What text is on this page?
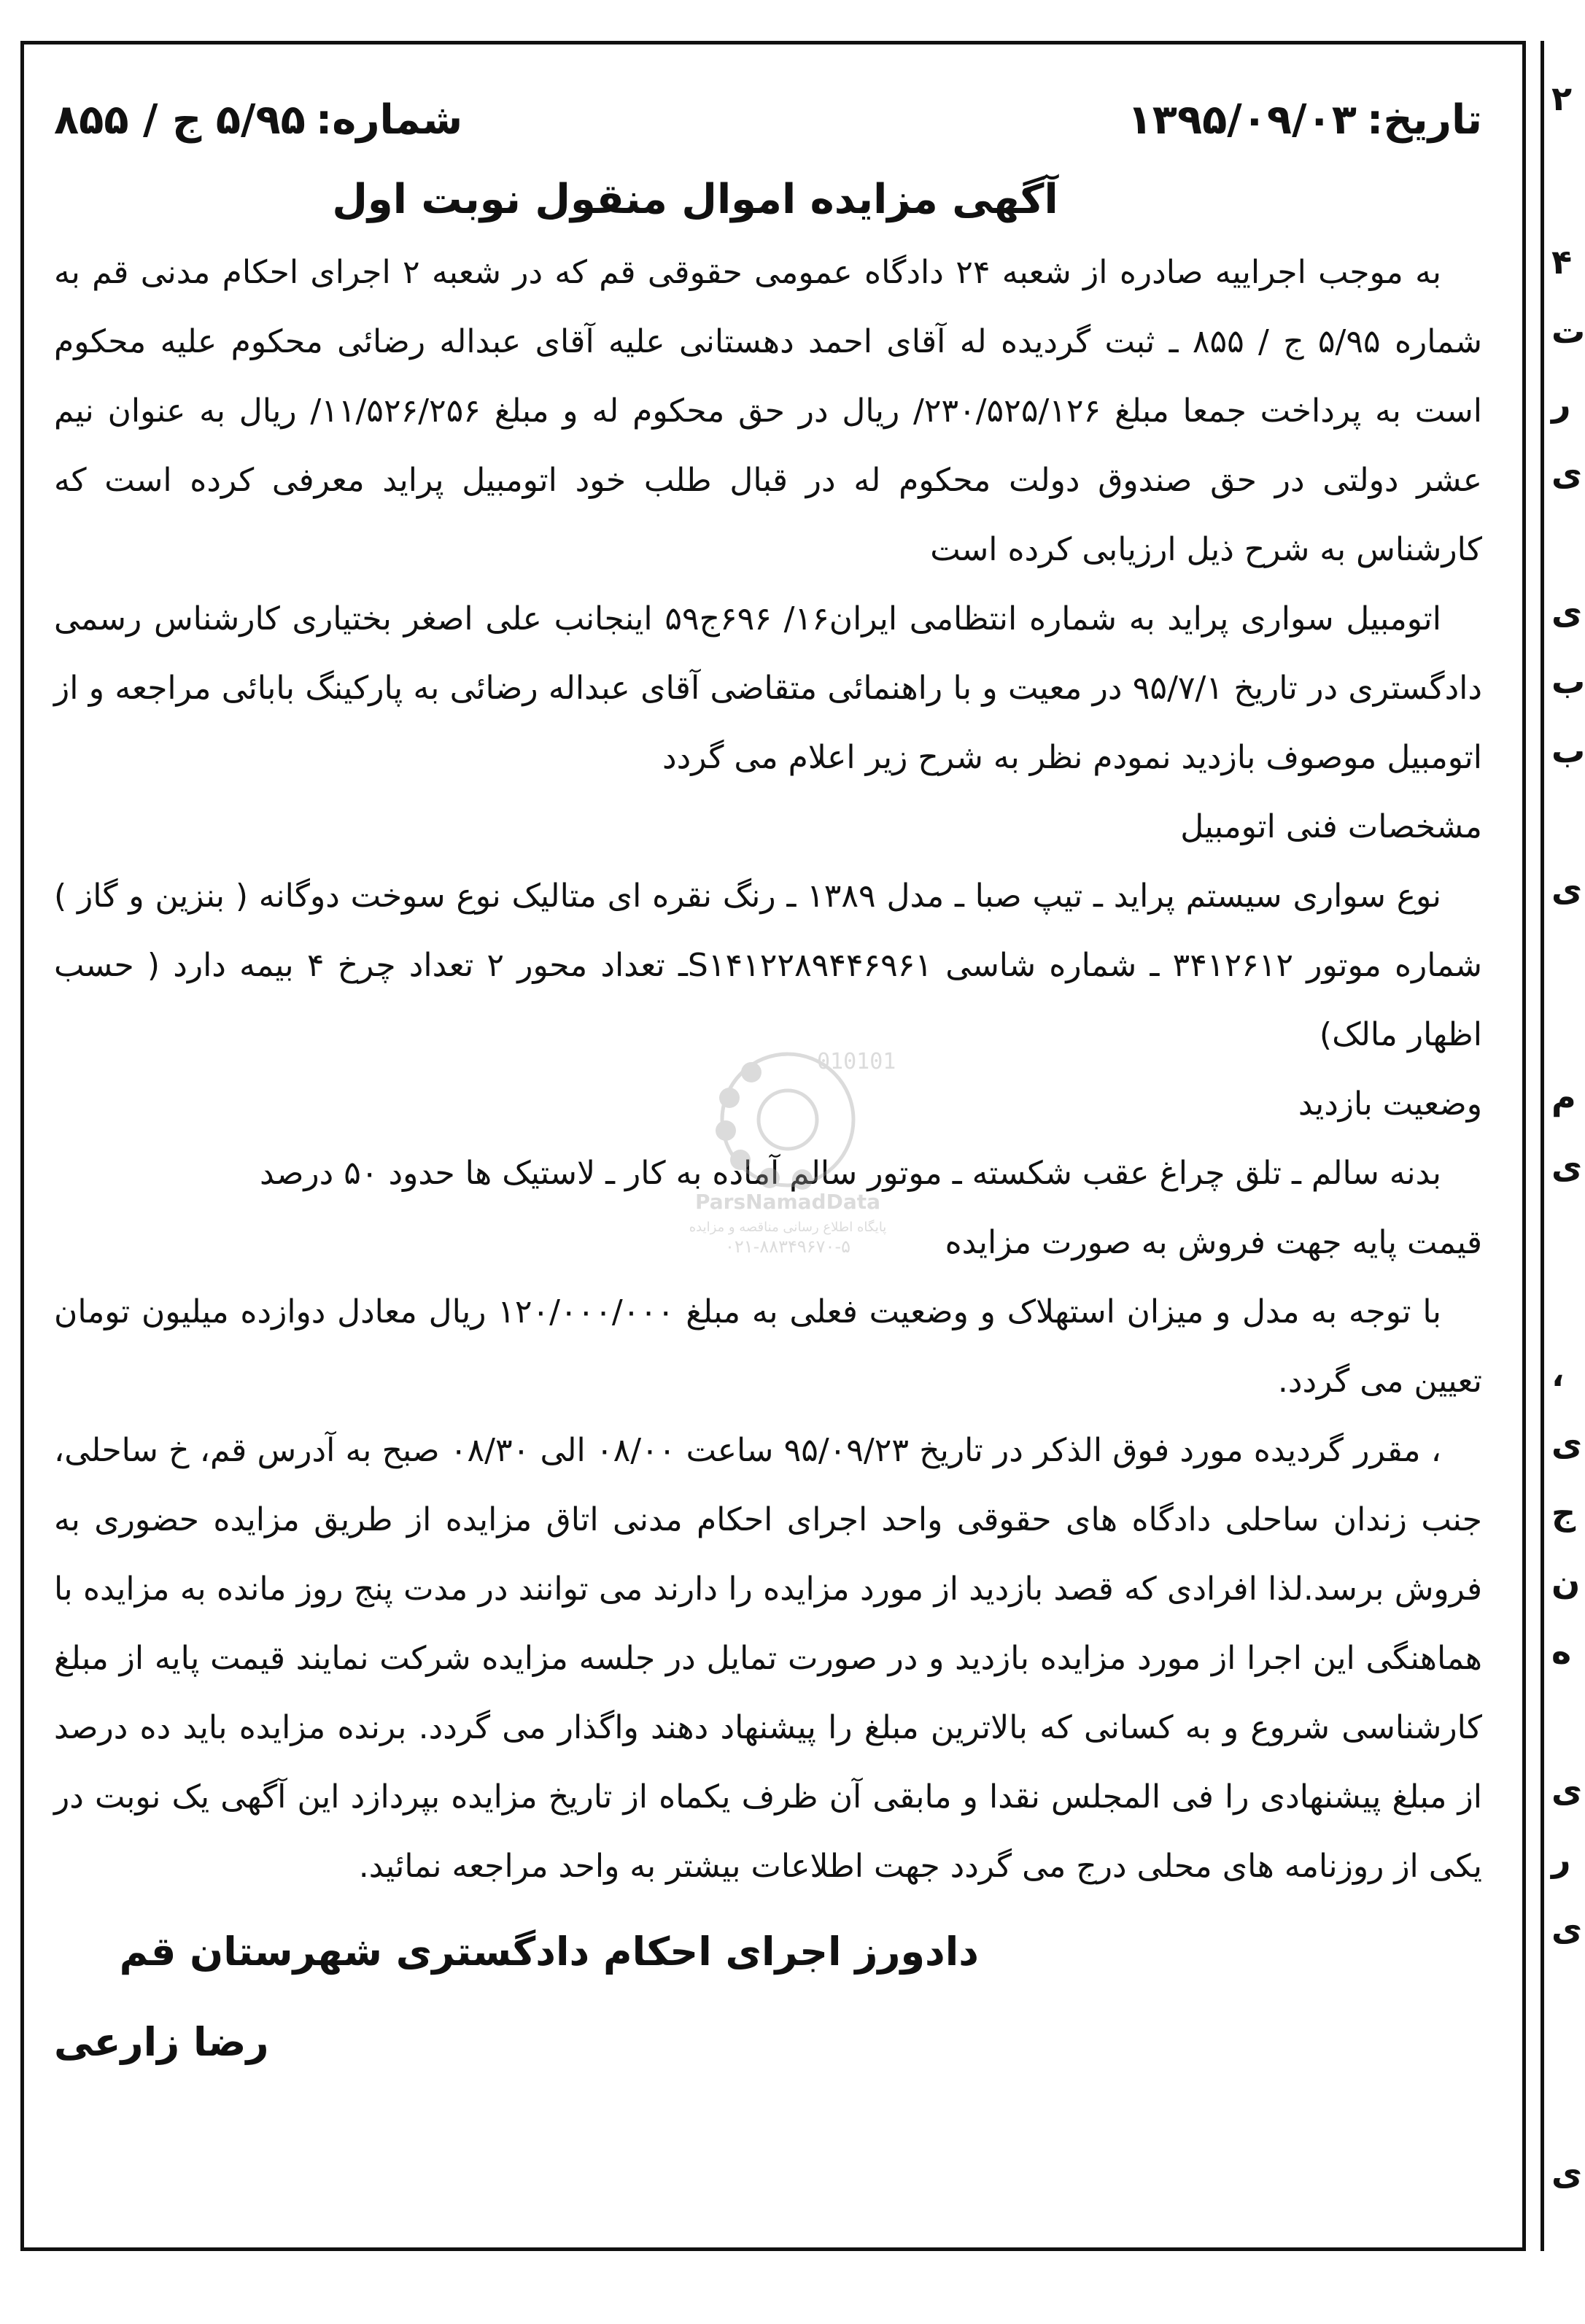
تاریخ:
۱۳۹۵/۰۹/۰۳
شماره:
۵/۹۵ ج / ۸۵۵
آگهی مزایده اموال منقول نوبت اول

به موجب اجراییه صادره از شعبه ۲۴ دادگاه عمومی حقوقی قم که در شعبه ۲ اجرای احکام مدنی قم به شماره ۵/۹۵ ج / ۸۵۵ ـ ثبت گردیده له آقای احمد دهستانی علیه آقای عبداله رضائی محکوم علیه محکوم است به پرداخت جمعا مبلغ ۲۳۰/۵۲۵/۱۲۶/ ریال در حق محکوم له و مبلغ ۱۱/۵۲۶/۲۵۶/ ریال به عنوان نیم عشر دولتی در حق صندوق دولت محکوم له در قبال طلب خود اتومبیل پراید معرفی کرده است که کارشناس به شرح ذیل ارزیابی کرده است

اتومبیل سواری پراید به شماره انتظامی ایران۱۶/ ۶۹۶ج۵۹ اینجانب علی اصغر بختیاری کارشناس رسمی دادگستری در تاریخ ۹۵/۷/۱ در معیت و با راهنمائی متقاضی آقای عبداله رضائی به پارکینگ بابائی مراجعه و از اتومبیل موصوف بازدید نمودم نظر به شرح زیر اعلام می گردد

مشخصات فنی اتومبیل

نوع سواری سیستم پراید ـ تیپ صبا ـ مدل ۱۳۸۹ ـ رنگ نقره ای متالیک نوع سوخت دوگانه ( بنزین و گاز ) شماره موتور ۳۴۱۲۶۱۲ ـ شماره شاسی S۱۴۱۲۲۸۹۴۴۶۹۶۱ـ تعداد محور ۲ تعداد چرخ ۴ بیمه دارد ( حسب اظهار مالک)

وضعیت بازدید

بدنه سالم ـ تلق چراغ عقب شکسته ـ موتور سالم آماده به کار ـ لاستیک ها حدود ۵۰ درصد

قیمت پایه جهت فروش به صورت مزایده

با توجه به مدل و میزان استهلاک و وضعیت فعلی به مبلغ ۱۲۰/۰۰۰/۰۰۰ ریال معادل دوازده میلیون تومان تعیین می گردد.

، مقرر گردیده مورد فوق الذکر در تاریخ ۹۵/۰۹/۲۳ ساعت ۰۸/۰۰ الی ۰۸/۳۰ صبح به آدرس قم، خ ساحلی، جنب زندان ساحلی دادگاه های حقوقی واحد اجرای احکام مدنی اتاق مزایده از طریق مزایده حضوری به فروش برسد.لذا افرادی که قصد بازدید از مورد مزایده را دارند می توانند در مدت پنج روز مانده به مزایده با هماهنگی این اجرا از مورد مزایده بازدید و در صورت تمایل در جلسه مزایده شرکت نمایند قیمت پایه از مبلغ کارشناسی شروع و به کسانی که بالاترین مبلغ را پیشنهاد دهند واگذار می گردد. برنده مزایده باید ده درصد از مبلغ پیشنهادی را فی المجلس نقدا و مابقی آن ظرف یکماه از تاریخ مزایده بپردازد این آگهی یک نوبت در یکی از روزنامه های محلی درج می گردد جهت اطلاعات بیشتر به واحد مراجعه نمائید.

دادورز اجرای احکام دادگستری شهرستان قم
رضا زارعی
010101
ParsNamadData
پایگاه اطلاع رسانی مناقصه و مزایده
۰۲۱-۸۸۳۴۹۶۷۰-۵
۲
۴
ت
ر
ی
ی
ب
ب
ی
م
ی
،
ی
ج
ن
ه
ی
ر
ی
ی
